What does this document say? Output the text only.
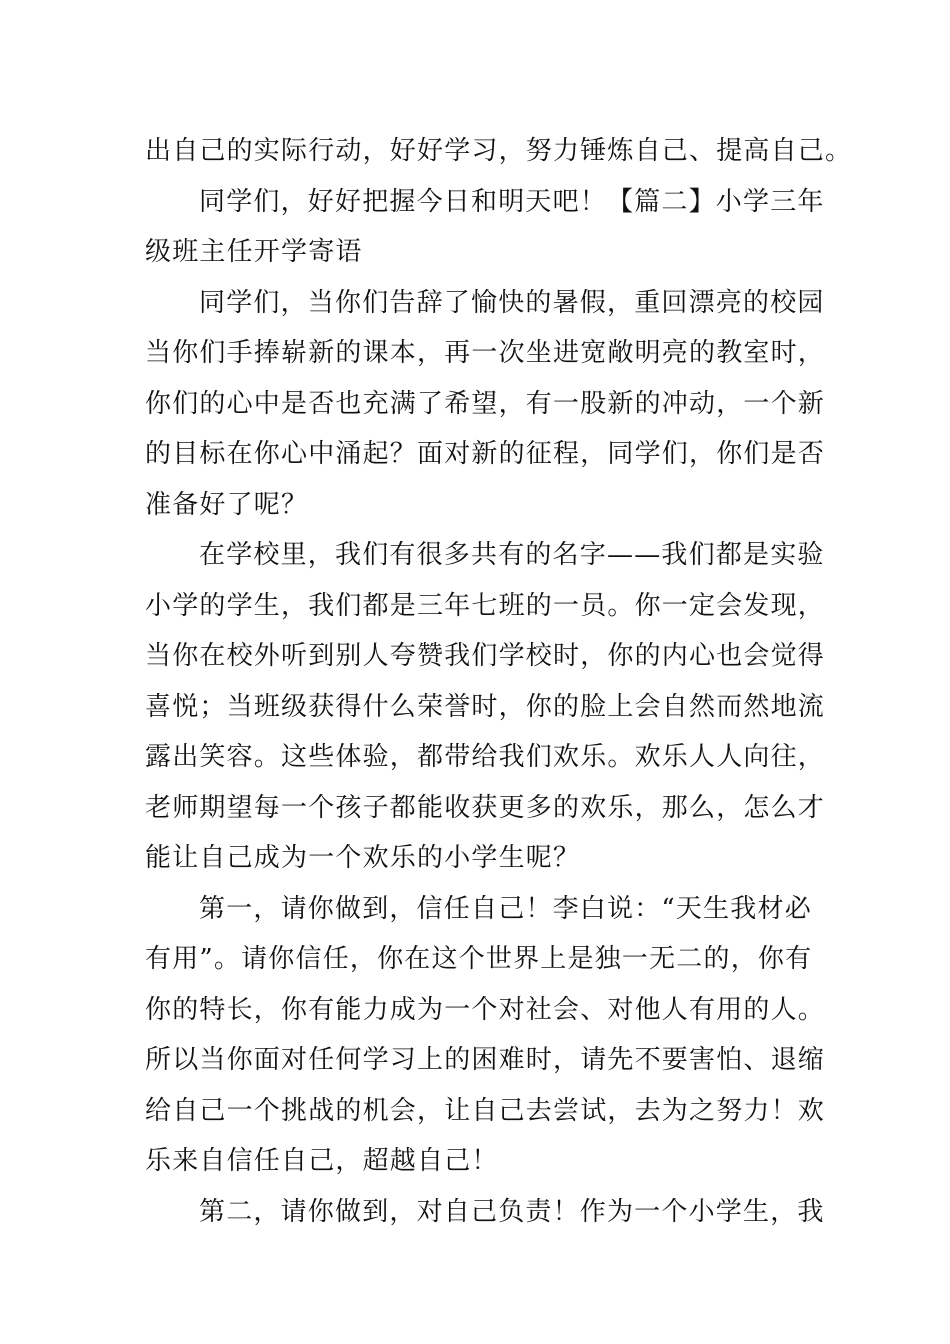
出自己的实际行动，好好学习，努力锤炼自己、提高自己。
同学们，好好把握今日和明天吧！【篇二】小学三年
级班主任开学寄语
同学们，当你们告辞了愉快的暑假，重回漂亮的校园
当你们手捧崭新的课本，再一次坐进宽敞明亮的教室时，
你们的心中是否也充满了希望，有一股新的冲动，一个新
的目标在你心中涌起？面对新的征程，同学们，你们是否
准备好了呢？
在学校里，我们有很多共有的名字——我们都是实验
小学的学生，我们都是三年七班的一员。你一定会发现，
当你在校外听到别人夸赞我们学校时，你的内心也会觉得
喜悦；当班级获得什么荣誉时，你的脸上会自然而然地流
露出笑容。这些体验，都带给我们欢乐。欢乐人人向往，
老师期望每一个孩子都能收获更多的欢乐，那么，怎么才
能让自己成为一个欢乐的小学生呢？
第一，请你做到，信任自己！李白说：“天生我材必
有用”。请你信任，你在这个世界上是独一无二的，你有
你的特长，你有能力成为一个对社会、对他人有用的人。
所以当你面对任何学习上的困难时，请先不要害怕、退缩
给自己一个挑战的机会，让自己去尝试，去为之努力！欢
乐来自信任自己，超越自己！
第二，请你做到，对自己负责！作为一个小学生，我
